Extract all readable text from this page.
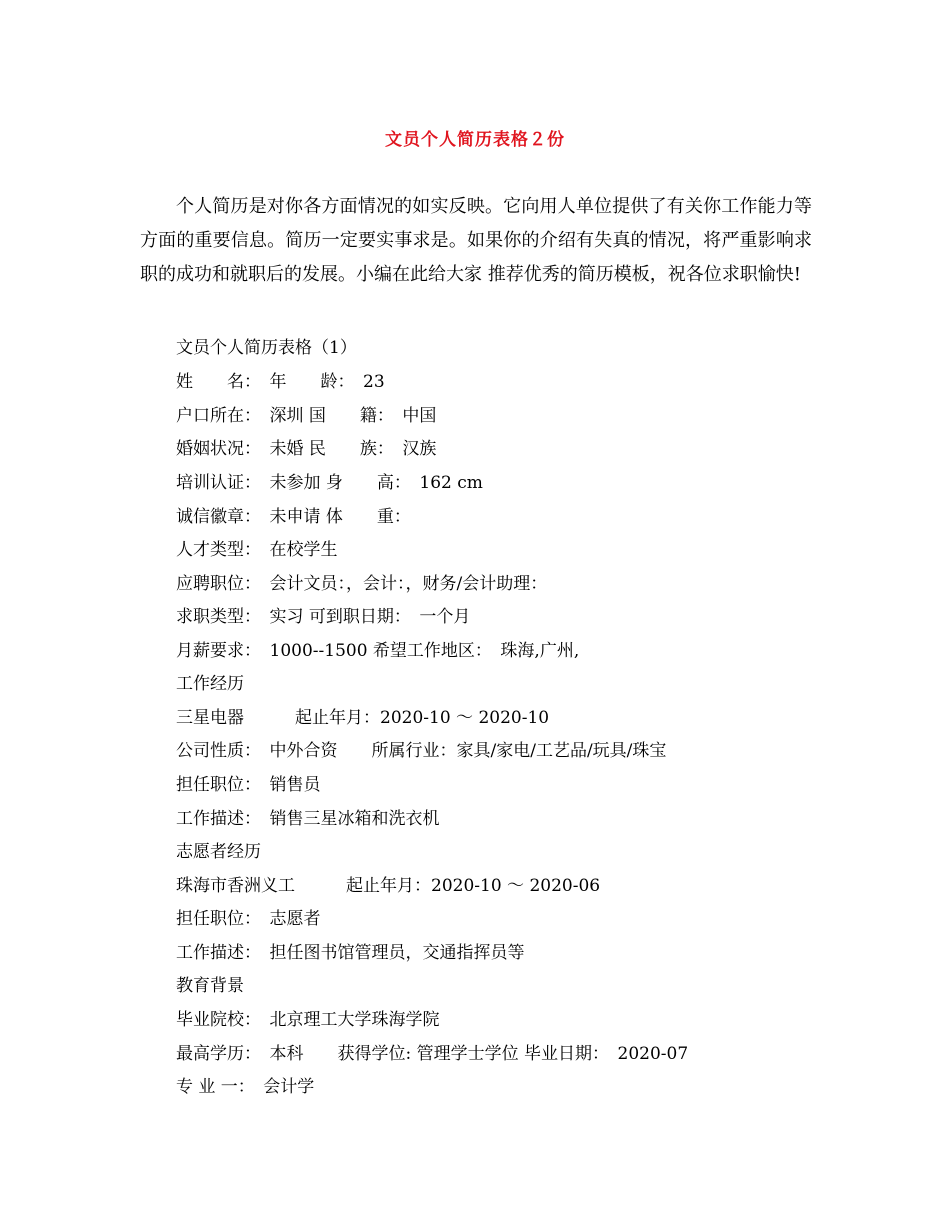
文员个人简历表格２份

个人简历是对你各方面情况的如实反映。它向用人单位提供了有关你工作能力等方面的重要信息。简历一定要实事求是。如果你的介绍有失真的情况，将严重影响求职的成功和就职后的发展。小编在此给大家 推荐优秀的简历模板，祝各位求职愉快!

文员个人简历表格（1）
姓　　名：　年　　龄：　23
户口所在：　深圳 国　　籍：　中国
婚姻状况：　未婚 民　　族：　汉族
培训认证：　未参加 身　　高：　162 cm
诚信徽章：　未申请 体　　重：
人才类型：　在校学生
应聘职位：　会计文员：，会计：，财务/会计助理：
求职类型：　实习 可到职日期：　一个月
月薪要求：　1000--1500 希望工作地区：　珠海,广州,
工作经历
三星电器　　　起止年月：2020-10 ～ 2020-10
公司性质：　中外合资　　所属行业：家具/家电/工艺品/玩具/珠宝
担任职位：　销售员
工作描述：　销售三星冰箱和洗衣机
志愿者经历
珠海市香洲义工　　　起止年月：2020-10 ～ 2020-06
担任职位：　志愿者
工作描述：　担任图书馆管理员，交通指挥员等
教育背景
毕业院校：　北京理工大学珠海学院
最高学历：　本科　　获得学位: 管理学士学位 毕业日期：　2020-07
专 业 一：　会计学
